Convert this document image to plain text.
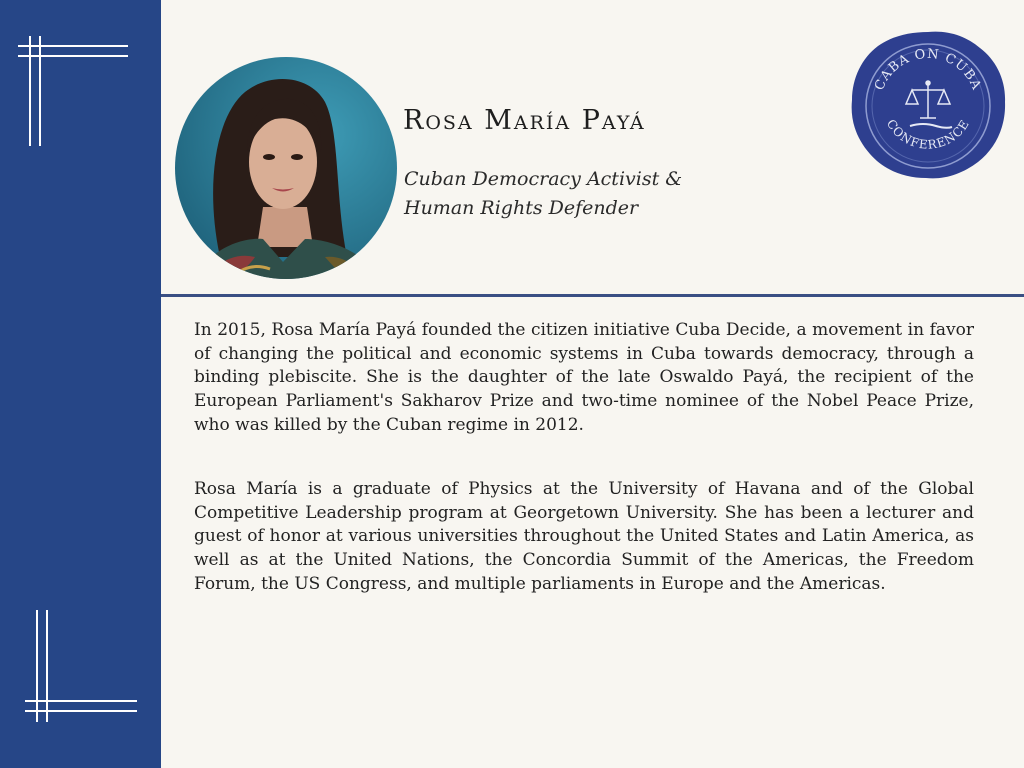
Rosa María Payá
Cuban Democracy Activist &
Human Rights Defender
CABA ON CUBA
CONFERENCE

In 2015, Rosa María Payá founded the citizen initiative Cuba Decide, a movement in favor of changing the political and economic systems in Cuba towards democracy, through a binding plebiscite. She is the daughter of the late Oswaldo Payá, the recipient of the European Parliament's Sakharov Prize and two-time nominee of the Nobel Peace Prize, who was killed by the Cuban regime in 2012.

Rosa María is a graduate of Physics at the University of Havana and of the Global Competitive Leadership program at Georgetown University. She has been a lecturer and guest of honor at various universities throughout the United States and Latin America, as well as at the United Nations, the Concordia Summit of the Americas, the Freedom Forum, the US Congress, and multiple parliaments in Europe and the Americas.
